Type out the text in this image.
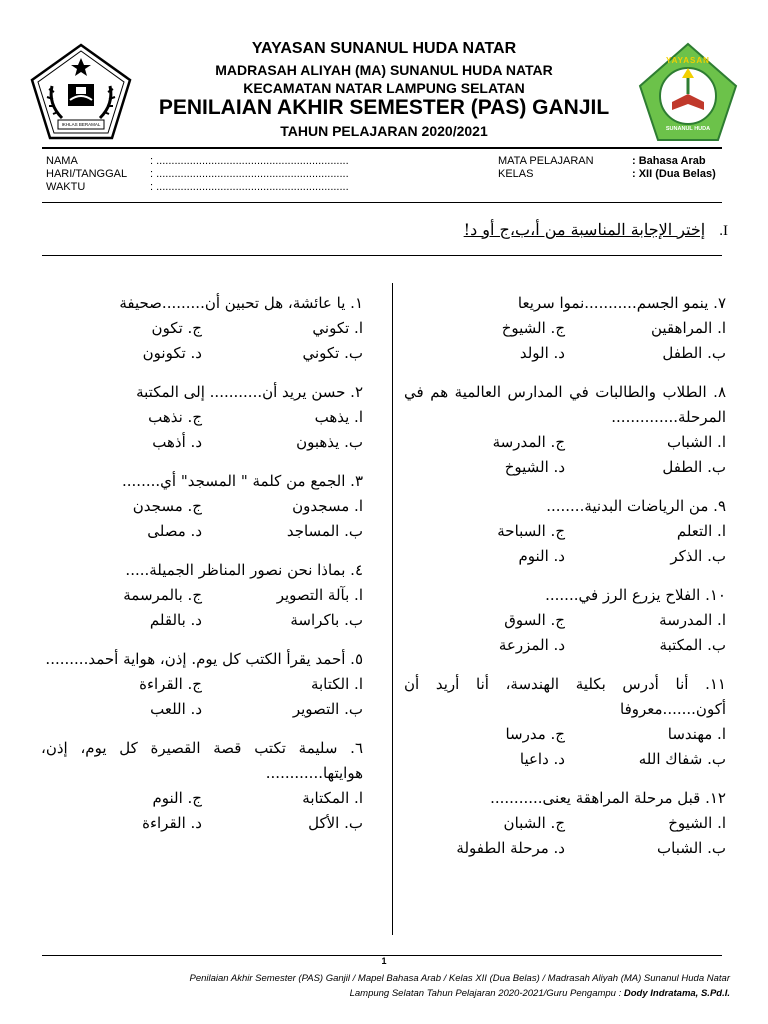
IKHLAS BERAMAL
YAYASAN
SUNANUL HUDA
YAYASAN SUNANUL HUDA NATAR
MADRASAH ALIYAH (MA) SUNANUL HUDA NATAR
KECAMATAN NATAR LAMPUNG SELATAN
PENILAIAN AKHIR SEMESTER (PAS) GANJIL
TAHUN PELAJARAN 2020/2021
NAMA	: ...............................................................
HARI/TANGGAL : ...............................................................
WAKTU	: ...............................................................
MATA PELAJARAN	: Bahasa Arab
KELAS	: XII (Dua Belas)
I.إختر الإجابة المناسبة من أ،ب،ج أو د!
٧. ينمو الجسم...........نموا سريعا
ا. المراهقين
ج. الشيوخ
ب. الطفل
د. الولد
٨. الطلاب والطالبات في المدارس العالمية هم في المرحلة..............
ا. الشباب
ج. المدرسة
ب. الطفل
د. الشيوخ
٩. من الرياضات البدنية........
ا. التعلم
ج. السباحة
ب. الذكر
د. النوم
١٠. الفلاح يزرع الرز في.......
ا. المدرسة
ج. السوق
ب. المكتبة
د. المزرعة
١١. أنا أدرس بكلية الهندسة، أنا أريد أن أكون.......معروفا
ا. مهندسا
ج. مدرسا
ب. شفاك الله
د. داعيا
١٢. قبل مرحلة المراهقة يعنى...........
ا. الشيوخ
ج. الشبان
ب. الشباب
د. مرحلة الطفولة
١. يا عائشة، هل تحبين أن.........صحيفة
ا. تكوني
ج. تكون
ب. تكوني
د. تكونون
٢. حسن يريد أن........... إلى المكتبة
ا. يذهب
ج. نذهب
ب. يذهبون
د. أذهب
٣. الجمع من كلمة " المسجد" أي........
ا. مسجدون
ج. مسجدن
ب. المساجد
د. مصلى
٤. بماذا نحن نصور المناظر الجميلة.....
ا. بآلة التصوير
ج. بالمرسمة
ب. باكراسة
د. بالقلم
٥. أحمد يقرأ الكتب كل يوم. إذن، هواية أحمد.........
ا. الكتابة
ج. القراءة
ب. التصوير
د. اللعب
٦. سليمة تكتب قصة القصيرة كل يوم، إذن، هوايتها............
ا. المكتابة
ج. النوم
ب. الأكل
د. القراءة
1
Penilaian Akhir Semester (PAS) Ganjil / Mapel Bahasa Arab / Kelas XII (Dua Belas) / Madrasah Aliyah (MA) Sunanul Huda Natar
Lampung Selatan Tahun Pelajaran 2020-2021/Guru Pengampu : Dody Indratama, S.Pd.I.
